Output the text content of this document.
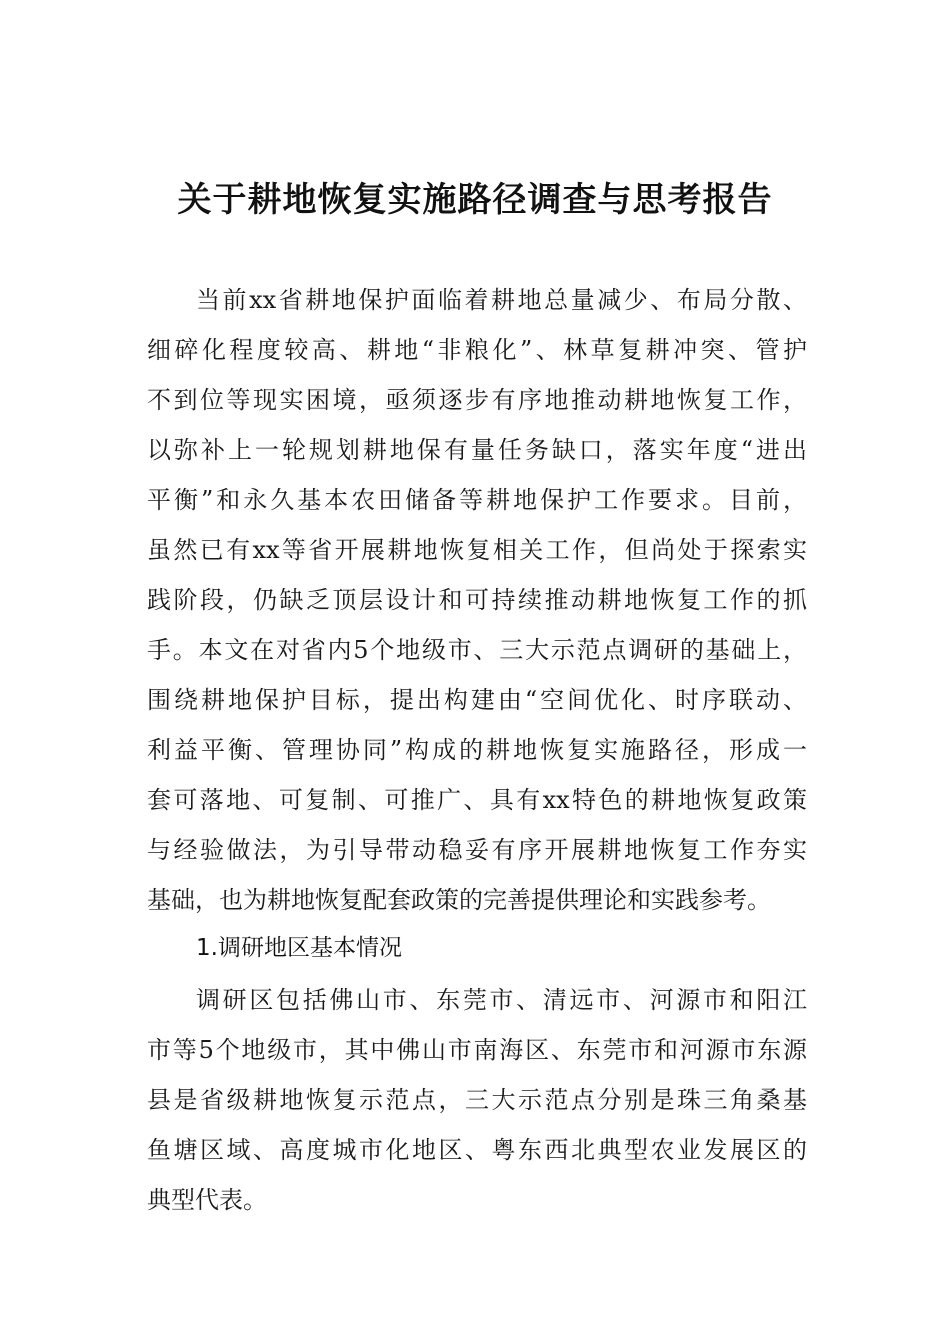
关于耕地恢复实施路径调查与思考报告
当前xx省耕地保护面临着耕地总量减少、布局分散、
细碎化程度较高、耕地“非粮化”、林草复耕冲突、管护
不到位等现实困境，亟须逐步有序地推动耕地恢复工作，
以弥补上一轮规划耕地保有量任务缺口，落实年度“进出
平衡”和永久基本农田储备等耕地保护工作要求。目前，
虽然已有xx等省开展耕地恢复相关工作，但尚处于探索实
践阶段，仍缺乏顶层设计和可持续推动耕地恢复工作的抓
手。本文在对省内5个地级市、三大示范点调研的基础上，
围绕耕地保护目标，提出构建由“空间优化、时序联动、
利益平衡、管理协同”构成的耕地恢复实施路径，形成一
套可落地、可复制、可推广、具有xx特色的耕地恢复政策
与经验做法，为引导带动稳妥有序开展耕地恢复工作夯实
基础，也为耕地恢复配套政策的完善提供理论和实践参考。
1.调研地区基本情况
调研区包括佛山市、东莞市、清远市、河源市和阳江
市等5个地级市，其中佛山市南海区、东莞市和河源市东源
县是省级耕地恢复示范点，三大示范点分别是珠三角桑基
鱼塘区域、高度城市化地区、粤东西北典型农业发展区的
典型代表。
